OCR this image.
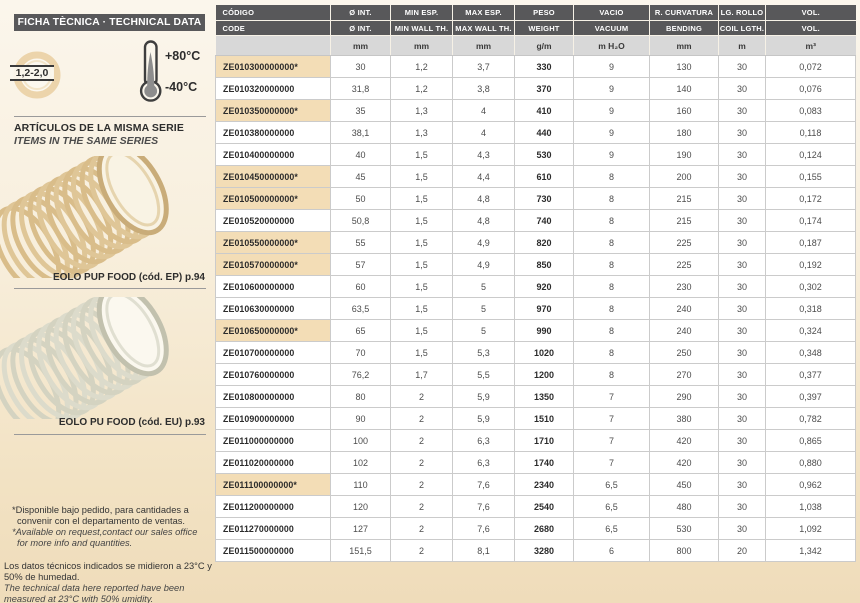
FICHA TÈCNICA · TECHNICAL DATA
1,2-2,0
+80°C
-40°C
ARTÍCULOS DE LA MISMA SERIE
ITEMS IN THE SAME SERIES
EOLO PUP FOOD (cód. EP) p.94
EOLO PU FOOD (cód. EU) p.93

*Disponible bajo pedido, para cantidades a convenir con el departamento de ventas.

*Available on request,contact our sales office for more info and quantities.

Los datos técnicos indicados se midieron a 23°C y 50% de humedad.

The technical data here reported have been measured at 23°C with 50% umidity.

CÓDIGO	Ø INT.	MIN ESP.	MAX ESP.	PESO	VACIO	R. CURVATURA	LG. ROLLO	VOL.
CODE	Ø INT.	MIN WALL TH.	MAX WALL TH.	WEIGHT	VACUUM	BENDING	COIL LGTH.	VOL.
	mm	mm	mm	g/m	m H₂O	mm	m	m³
ZE010300000000*	30	1,2	3,7	330	9	130	30	0,072
ZE010320000000	31,8	1,2	3,8	370	9	140	30	0,076
ZE010350000000*	35	1,3	4	410	9	160	30	0,083
ZE010380000000	38,1	1,3	4	440	9	180	30	0,118
ZE010400000000	40	1,5	4,3	530	9	190	30	0,124
ZE010450000000*	45	1,5	4,4	610	8	200	30	0,155
ZE010500000000*	50	1,5	4,8	730	8	215	30	0,172
ZE010520000000	50,8	1,5	4,8	740	8	215	30	0,174
ZE010550000000*	55	1,5	4,9	820	8	225	30	0,187
ZE010570000000*	57	1,5	4,9	850	8	225	30	0,192
ZE010600000000	60	1,5	5	920	8	230	30	0,302
ZE010630000000	63,5	1,5	5	970	8	240	30	0,318
ZE010650000000*	65	1,5	5	990	8	240	30	0,324
ZE010700000000	70	1,5	5,3	1020	8	250	30	0,348
ZE010760000000	76,2	1,7	5,5	1200	8	270	30	0,377
ZE010800000000	80	2	5,9	1350	7	290	30	0,397
ZE010900000000	90	2	5,9	1510	7	380	30	0,782
ZE011000000000	100	2	6,3	1710	7	420	30	0,865
ZE011020000000	102	2	6,3	1740	7	420	30	0,880
ZE011100000000*	110	2	7,6	2340	6,5	450	30	0,962
ZE011200000000	120	2	7,6	2540	6,5	480	30	1,038
ZE011270000000	127	2	7,6	2680	6,5	530	30	1,092
ZE011500000000	151,5	2	8,1	3280	6	800	20	1,342
